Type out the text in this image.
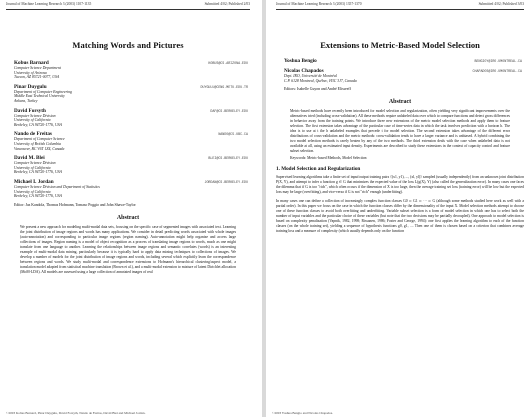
Journal of Machine Learning Research 3 (2003) 1107-1135	Submitted 4/02; Published 2/03
Matching Words and Pictures
Kobus Barnard	KOBUS@CS.ARIZONA.EDU
Computer Science Department
University of Arizona
Tucson, AZ 85721-0077, USA
Pinar Duygulu	DUYGULU@CENG.METU.EDU.TR
Department of Computer Engineering
Middle East Technical University
Ankara, Turkey
David Forsyth	DAF@CS.BERKELEY.EDU
Computer Science Division
University of California
Berkeley, CA 94720-1776, USA
Nando de Freitas	NANDO@CS.UBC.CA
Department of Computer Science
University of British Columbia
Vancouver, BC V6T 1Z4, Canada
David M. Blei	BLEI@CS.BERKELEY.EDU
Computer Science Division
University of California
Berkeley, CA 94720-1776, USA
Michael I. Jordan	JORDAN@CS.BERKELEY.EDU
Computer Science Division and Department of Statistics
University of California
Berkeley, CA 94720-1776, USA
Editor: Jaz Kandola, Thomas Hofmann, Tomaso Poggio and John Shawe-Taylor
Abstract
We present a new approach for modeling multi-modal data sets, focusing on the specific case of segmented images with associated text. Learning the joint distribution of image regions and words has many applications. We consider in detail predicting words associated with whole images (auto-annotation) and corresponding to particular image regions (region naming). Auto-annotation might help organize and access large collections of images. Region naming is a model of object recognition as a process of translating image regions to words, much as one might translate from one language to another. Learning the relationships between image regions and semantic correlates (words) is an interesting example of multi-modal data mining, particularly because it is typically hard to apply data mining techniques to collections of images. We develop a number of models for the joint distribution of image regions and words, including several which explicitly learn the correspondence between regions and words. We study multi-modal and correspondence extensions to Hofmann's hierarchical clustering/aspect model, a translation model adapted from statistical machine translation (Brown et al.), and a multi-modal extension to mixture of latent Dirichlet allocation (MoM-LDA). All models are assessed using a large collection of annotated images of real
©2003 Kobus Barnard, Pinar Duygulu, David Forsyth, Nando de Freitas, David Blei and Michael Jordan.
Journal of Machine Learning Research 3 (2003) 1357-1370	Submitted 4/02; Published 3/03
Extensions to Metric-Based Model Selection
Yoshua Bengio	BENGIOY@IRO.UMONTREAL.CA
Nicolas Chapados	CHAPADOS@IRO.UMONTREAL.CA
Dept. IRO, Université de Montréal
C.P. 6128 Montreal, Québec, H3C 3J7, Canada
Editors: Isabelle Guyon and André Elisseeff
Abstract
Metric-based methods have recently been introduced for model selection and regularization, often yielding very significant improvements over the alternatives tried (including cross-validation). All these methods require unlabeled data over which to compare functions and detect gross differences in behavior away from the training points. We introduce three new extensions of the metric model selection methods and apply them to feature selection. The first extension takes advantage of the particular case of time-series data in which the task involves prediction with a horizon h. The idea is to use at t the h unlabeled examples that precede t for model selection. The second extension takes advantage of the different error distributions of cross-validation and the metric methods: cross-validation tends to have a larger variance and is unbiased. A hybrid combining the two model selection methods is rarely beaten by any of the two methods. The third extension deals with the case when unlabeled data is not available at all, using an estimated input density. Experiments are described to study these extensions in the context of capacity control and feature subset selection.
Keywords: Metric-based Methods, Model Selection
1. Model Selection and Regularization

Supervised learning algorithms take a finite set of input/output training pairs {(x1, y1), ..., (xl, yl)} sampled (usually independently) from an unknown joint distribution P(X, Y), and attempt to infer a function g ∈ G that minimizes the expected value of the loss L(g(X), Y) (also called the generalization error). In many cases one faces the dilemma that if G is too "rich", which often occurs if the dimension of X is too large, then the average training set loss (training error) will be low but the expected loss may be large (overfitting), and vice-versa if G is not "rich" enough (underfitting).

In many cases one can define a collection of increasingly complex function classes G0 ⊂ G1 ⊂ ··· ⊂ G (although some methods studied here work as well with a partial order). In this paper we focus on the case in which the function classes differ by the dimensionality of the input X. Model selection methods attempt to choose one of these function classes to avoid both overfitting and underfitting. Variable subset selection is a form of model selection in which one has to select both the number of input variables and the particular choice of these variables (but note that the two decisions may be partially decoupled). One approach to model selection is based on complexity penalization (Vapnik, 1982, 1998; Rissanen, 1986; Foster and George, 1994): one first applies the learning algorithm to each of the function classes (on the whole training set), yielding a sequence of hypothesis functions g0, g1, .... Then one of them is chosen based on a criterion that combines average training loss and a measure of complexity (which usually depends only on the function

©2003 Yoshua Bengio and Nicolas Chapados.
